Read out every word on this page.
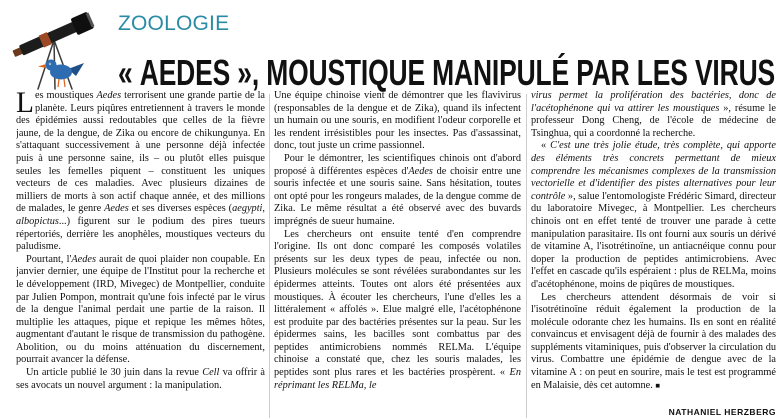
ZOOLOGIE
« AEDES », MOUSTIQUE MANIPULÉ PAR LES VIRUS

Les moustiques Aedes terrorisent une grande partie de la planète. Leurs piqûres entretiennent à travers le monde des épidémies aussi redoutables que celles de la fièvre jaune, de la dengue, de Zika ou encore de chikungunya. En s'attaquant successivement à une personne déjà infectée puis à une personne saine, ils – ou plutôt elles puisque seules les femelles piquent – constituent les uniques vecteurs de ces maladies. Avec plusieurs dizaines de milliers de morts à son actif chaque année, et des millions de malades, le genre Aedes et ses diverses espèces (aegypti, albopictus...) figurent sur le podium des pires tueurs répertoriés, derrière les anophèles, moustiques vecteurs du paludisme.

Pourtant, l'Aedes aurait de quoi plaider non coupable. En janvier dernier, une équipe de l'Institut pour la recherche et le développement (IRD, Mivegec) de Montpellier, conduite par Julien Pompon, montrait qu'une fois infecté par le virus de la dengue l'animal perdait une partie de la raison. Il multiplie les attaques, pique et repique les mêmes hôtes, augmentant d'autant le risque de transmission du pathogène. Abolition, ou du moins atténuation du discernement, pourrait avancer la défense.

Un article publié le 30 juin dans la revue Cell va offrir à ses avocats un nouvel argument : la manipulation.

Une équipe chinoise vient de démontrer que les flavivirus (responsables de la dengue et de Zika), quand ils infectent un humain ou une souris, en modifient l'odeur corporelle et les rendent irrésistibles pour les insectes. Pas d'assassinat, donc, tout juste un crime passionnel.

Pour le démontrer, les scientifiques chinois ont d'abord proposé à différentes espèces d'Aedes de choisir entre une souris infectée et une souris saine. Sans hésitation, toutes ont opté pour les rongeurs malades, de la dengue comme de Zika. Le même résultat a été observé avec des buvards imprégnés de sueur humaine.

Les chercheurs ont ensuite tenté d'en comprendre l'origine. Ils ont donc comparé les composés volatiles présents sur les deux types de peau, infectée ou non. Plusieurs molécules se sont révélées surabondantes sur les épidermes atteints. Toutes ont alors été présentées aux moustiques. À écouter les chercheurs, l'une d'elles les a littéralement « affolés ». Elue malgré elle, l'acétophénone est produite par des bactéries présentes sur la peau. Sur les épidermes sains, les bacilles sont combattus par des peptides antimicrobiens nommés RELMa. L'équipe chinoise a constaté que, chez les souris malades, les peptides sont plus rares et les bactéries prospèrent. « En réprimant les RELMa, le

virus permet la prolifération des bactéries, donc de l'acétophénone qui va attirer les moustiques », résume le professeur Dong Cheng, de l'école de médecine de Tsinghua, qui a coordonné la recherche.

« C'est une très jolie étude, très complète, qui apporte des éléments très concrets permettant de mieux comprendre les mécanismes complexes de la transmission vectorielle et d'identifier des pistes alternatives pour leur contrôle », salue l'entomologiste Frédéric Simard, directeur du laboratoire Mivegec, à Montpellier. Les chercheurs chinois ont en effet tenté de trouver une parade à cette manipulation parasitaire. Ils ont fourni aux souris un dérivé de vitamine A, l'isotrétinoïne, un antiacnéique connu pour doper la production de peptides antimicrobiens. Avec l'effet en cascade qu'ils espéraient : plus de RELMa, moins d'acétophénone, moins de piqûres de moustiques.

Les chercheurs attendent désormais de voir si l'isotrétinoïne réduit également la production de la molécule odorante chez les humains. Ils en sont en réalité convaincus et envisagent déjà de fournir à des malades des suppléments vitaminiques, puis d'observer la circulation du virus. Combattre une épidémie de dengue avec de la vitamine A : on peut en sourire, mais le test est programmé en Malaisie, dès cet automne. ■

NATHANIEL HERZBERG
